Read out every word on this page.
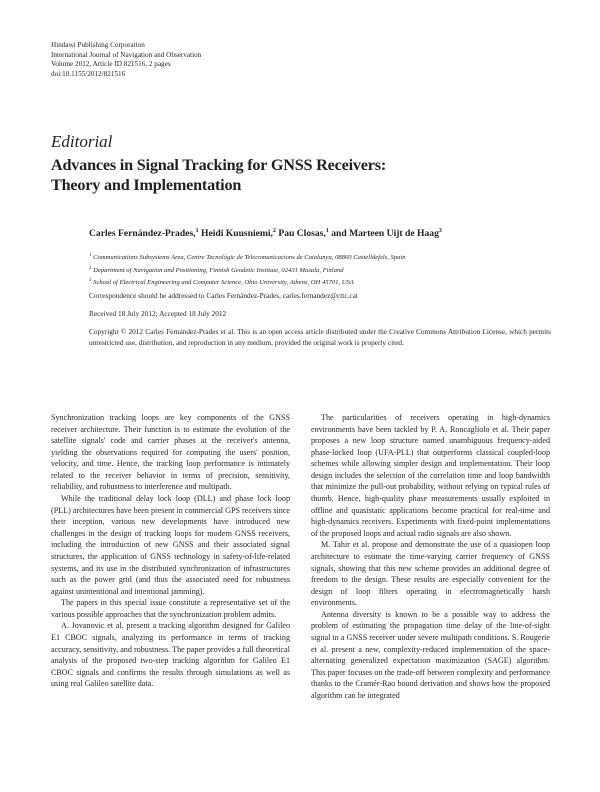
Hindawi Publishing Corporation
International Journal of Navigation and Observation
Volume 2012, Article ID 821516, 2 pages
doi:10.1155/2012/821516
Editorial
Advances in Signal Tracking for GNSS Receivers:
Theory and Implementation
Carles Fernández-Prades,$^1$ Heidi Kuusniemi,$^2$ Pau Closas,$^1$ and Marteen Uijt de Haag$^3$
$^1$ Communications Subsystems Area, Centre Tecnològic de Telecomunicacions de Catalunya, 08860 Castelldefels, Spain
$^2$ Department of Navigation and Positioning, Finnish Geodetic Institute, 02431 Masala, Finland
$^3$ School of Electrical Engineering and Computer Science, Ohio University, Athens, OH 45701, USA
Correspondence should be addressed to Carles Fernández-Prades, carles.fernandez@cttc.cat
Received 18 July 2012; Accepted 18 July 2012
Copyright © 2012 Carles Fernández-Prades et al. This is an open access article distributed under the Creative Commons Attribution License, which permits unrestricted use, distribution, and reproduction in any medium, provided the original work is properly cited.

Synchronization tracking loops are key components of the GNSS receiver architecture. Their function is to estimate the evolution of the satellite signals' code and carrier phases at the receiver's antenna, yielding the observations required for computing the users' position, velocity, and time. Hence, the tracking loop performance is intimately related to the receiver behavior in terms of precision, sensitivity, reliability, and robustness to interference and multipath.

While the traditional delay lock loop (DLL) and phase lock loop (PLL) architectures have been present in commercial GPS receivers since their inception, various new developments have introduced new challenges in the design of tracking loops for modern GNSS receivers, including the introduction of new GNSS and their associated signal structures, the application of GNSS technology in safety-of-life-related systems, and its use in the distributed synchronization of infrastructures such as the power grid (and thus the associated need for robustness against unintentional and intentional jamming).

The papers in this special issue constitute a representative set of the various possible approaches that the synchronization problem admits.

A. Jovanovic et al. present a tracking algorithm designed for Galileo E1 CBOC signals, analyzing its performance in terms of tracking accuracy, sensitivity, and robustness. The paper provides a full theoretical analysis of the proposed two-step tracking algorithm for Galileo E1 CBOC signals and confirms the results through simulations as well as using real Galileo satellite data.

The particularities of receivers operating in high-dynamics environments have been tackled by P. A. Roncagliolo et al. Their paper proposes a new loop structure named unambiguous frequency-aided phase-locked loop (UFA-PLL) that outperforms classical coupled-loop schemes while allowing simpler design and implementation. Their loop design includes the selection of the correlation time and loop bandwidth that minimize the pull-out probability, without relying on typical rules of thumb. Hence, high-quality phase measurements usually exploited in offline and quasistatic applications become practical for real-time and high-dynamics receivers. Experiments with fixed-point implementations of the proposed loops and actual radio signals are also shown.

M. Tahir et al. propose and demonstrate the use of a quasiopen loop architecture to estimate the time-varying carrier frequency of GNSS signals, showing that this new scheme provides an additional degree of freedom to the design. These results are especially convenient for the design of loop filters operating in electromagnetically harsh environments.

Antenna diversity is known to be a possible way to address the problem of estimating the propagation time delay of the line-of-sight signal in a GNSS receiver under severe multipath conditions. S. Rougerie et al. present a new, complexity-reduced implementation of the space-alternating generalized expectation maximization (SAGE) algorithm. This paper focuses on the trade-off between complexity and performance thanks to the Cramér-Rao bound derivation and shows how the proposed algorithm can be integrated
